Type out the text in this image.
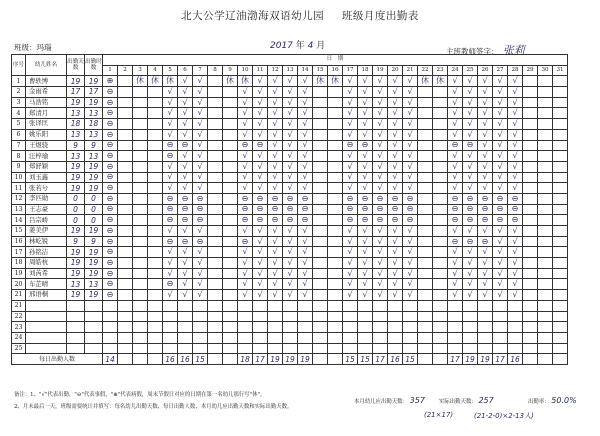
北大公学辽油渤海双语幼儿园 班级月度出勤表
班级：玛瑙	2017 年 4 月
主班教师签字： 张莉
序号	幼儿姓名	出勤天数	出勤时数	日　期																														
				1	2	3	4	5	6	7	8	9	10	11	12	13	14	15	16	17	18	19	20	21	22	23	24	25	26	27	28	29	30	31
1	曹轶博	19	19	⊕		休	休	休	√	√		休	休	√	√	√	√	休	休	√	√	√	√	√	休	休	√	√	√	√	√			
2	金雨希	17	17	⊖				√	√	√			√	√	√	√	√			√	√	√	√	√			√	√	√	√	√			
3	马浩铭	19	19	⊖				√	√	√			√	√	√	√	√			√	√	√	√	√			√	√	√	√	√			
4	郑清月	13	13	⊖				√	√	√			√	√	√	√	√			√	√	√	√	√			√	√	√	√	√			
5	张译匡	18	18	⊖				√	√	√			√	√	√	√	√			√	√	√	√	√			√	√	√	√	√			
6	姚乐阳	13	13	⊖				√	√	√			√	√	√	√	√			√	√	√	√	√			√	√	√	√	√			
7	王煜骁	9	9	⊖				⊖	⊖	√			⊖	⊖	√	√	√			⊖	⊖	√	√	√			⊖	⊖	√	√	√			
8	汪梓瑜	13	13	⊖				⊖	√	√			√	√	√	√	√			√	√	√	√	√			√	√	√	√	√			
9	郑舒颖	19	19	⊖				√	√	√			√	√	√	√	√			√	√	√	√	√			√	√	√	√	√			
10	刘玉鑫	19	19	⊖				√	√	√			√	√	√	√	√			√	√	√	√	√			√	√	√	√	√			
11	张若兮	19	19	⊖				√	√	√			√	√	√	√	√			√	√	√	√	√			√	√	√	√	√			
12	李匹勋	0	0	⊖				⊖	⊖	⊖			⊖	⊖	⊖	⊖	⊖			⊖	⊖	⊖	⊖	⊖			⊖	⊖	⊖	⊖	⊖			
13	王志豪	0	0	⊖				⊖	⊖	⊖			⊖	⊖	⊖	⊖	⊖			⊖	⊖	⊖	⊖	⊖			⊖	⊖	⊖	⊖	⊖			
14	吕宗峤	0	0	⊖				⊖	⊖	⊖			⊖	⊖	⊖	⊖	⊖			⊖	⊖	⊖	⊖	⊖			⊖	⊖	⊖	⊖	⊖			
15	姜美伊	19	19	⊖				√	√	√			√	√	√	√	√			√	√	√	√	√			√	√	√	√	√			
16	林屹锐	9	9	⊖				⊖	⊖	⊖			⊖	√	√	√	√			√	√	√	√	√			⊖	⊖	⊖	√	√			
17	孙铭洁	19	19	⊖				√	√	√			√	√	√	√	√			√	√	√	√	√			√	√	√	√	√			
18	周皓杭	19	19	⊖				√	√	√			√	√	√	√	√			√	√	√	√	√			√	√	√	√	√			
19	刘芮希	19	19	⊖				√	√	√			√	√	√	√	√			√	√	√	√	√			√	√	√	√	√			
20	车芷晴	13	13	⊖				⊖	√	√			√	√	√	√	√			√	√	√	√	√			√	√	√	√	√			
21	邢语桐	19	19	⊖				√	√	√			√	√	√	√	√			√	√	√	√	√			√	√	√	√	√			
21																																		
22																																		
23																																		
24																																		
25																																		
每日出勤人数				14				16	16	15			18	17	19	19	19			15	15	17	16	15			17	19	19	17	16			
备注：1、"√"代表出勤，"⊖"代表事假，"⊕"代表病假，周末节假日对应的日期在第一名幼儿那行写"休"。
2、月末最后一天，班级需要统计并填写：每名幼儿出勤天数、每日出勤人数、本月幼儿应出勤天数和实际出勤天数。
本月幼儿应出勤天数： 357	实际出勤天数： 257	出勤率： 50.0%
(21×17)	(21-2-0)×2-13人)
